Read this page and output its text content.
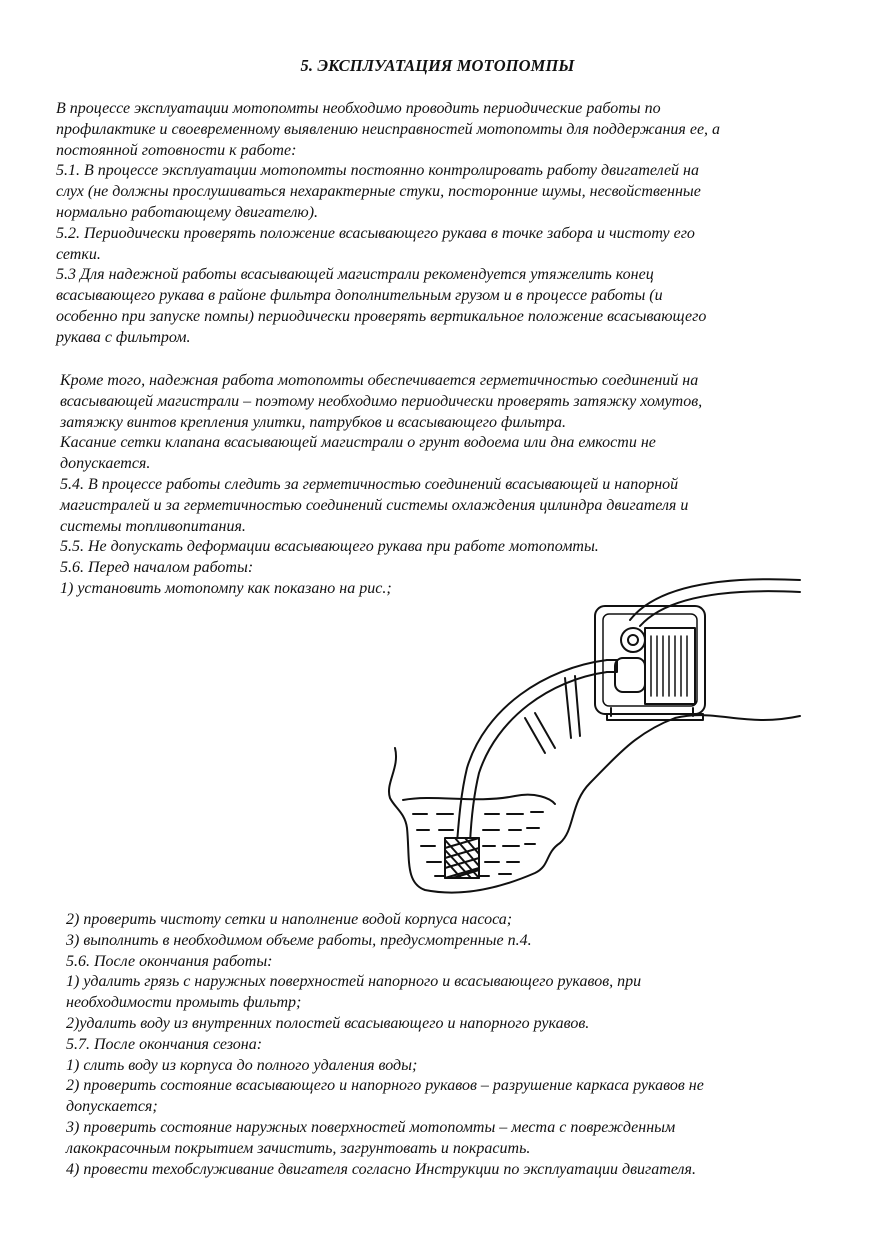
5. ЭКСПЛУАТАЦИЯ МОТОПОМПЫ

В процессе эксплуатации мотопомты необходимо проводить периодические работы по

профилактике и своевременному выявлению неисправностей мотопомты для поддержания ее, а

постоянной готовности к работе:

5.1. В процессе эксплуатации мотопомты постоянно контролировать работу двигателей на

слух (не должны прослушиваться нехарактерные стуки, посторонние шумы, несвойственные

нормально работающему двигателю).

5.2. Периодически проверять положение всасывающего рукава в точке забора и чистоту его

сетки.

5.3 Для надежной работы всасывающей магистрали рекомендуется утяжелить конец

всасывающего рукава в районе фильтра дополнительным грузом и в процессе работы (и

особенно при запуске помпы) периодически проверять вертикальное положение всасывающего

рукава с фильтром.

Кроме того, надежная работа мотопомты обеспечивается герметичностью соединений на

всасывающей магистрали – поэтому необходимо периодически проверять затяжку хомутов,

затяжку винтов крепления улитки, патрубков и всасывающего фильтра.

Касание сетки клапана всасывающей магистрали о грунт водоема или дна емкости не

допускается.

5.4. В процессе работы следить за герметичностью соединений всасывающей и напорной

магистралей и за герметичностью соединений системы охлаждения цилиндра двигателя и

системы топливопитания.

5.5. Не допускать деформации всасывающего рукава при работе мотопомты.

5.6. Перед началом работы:

1) установить мотопомпу как показано на рис.;

2) проверить чистоту сетки и наполнение водой корпуса насоса;

3) выполнить в необходимом объеме работы, предусмотренные п.4.

5.6. После окончания работы:

1) удалить грязь с наружных поверхностей напорного и всасывающего рукавов, при

необходимости промыть фильтр;

2)удалить воду из внутренних полостей всасывающего и напорного рукавов.

5.7. После окончания сезона:

1) слить воду из корпуса до полного удаления воды;

2) проверить состояние всасывающего и напорного рукавов – разрушение каркаса рукавов не

допускается;

3) проверить состояние наружных поверхностей мотопомты – места с поврежденным

лакокрасочным покрытием зачистить, загрунтовать и покрасить.

4) провести техобслуживание двигателя согласно Инструкции по эксплуатации двигателя.
